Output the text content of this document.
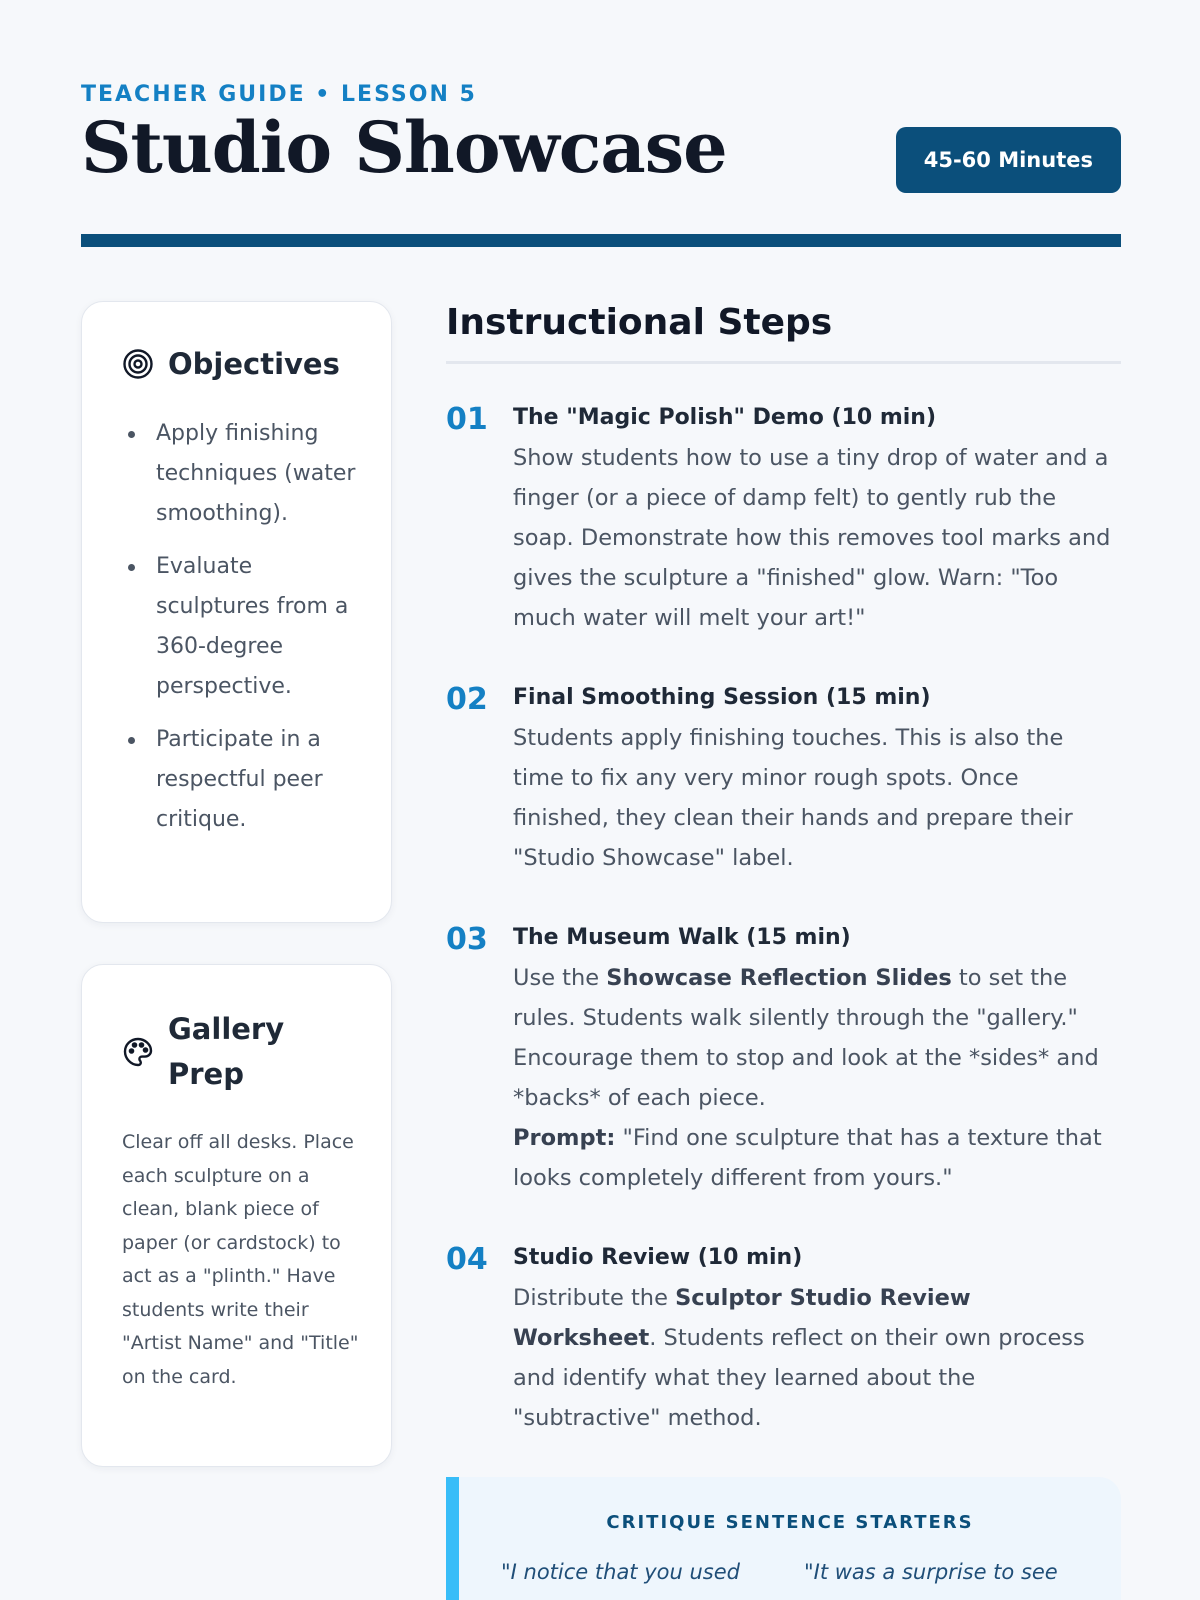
TEACHER GUIDE • LESSON 5
Studio Showcase	45-60 Minutes
Objectives
Apply finishing techniques (water smoothing).
Evaluate sculptures from a 360-degree perspective.
Participate in a respectful peer critique.
Gallery Prep

Clear off all desks. Place each sculpture on a clean, blank piece of paper (or cardstock) to act as a "plinth." Have students write their "Artist Name" and "Title" on the card.

Instructional Steps
01 The "Magic Polish" Demo (10 min)

Show students how to use a tiny drop of water and a finger (or a piece of damp felt) to gently rub the soap. Demonstrate how this removes tool marks and gives the sculpture a "finished" glow. Warn: "Too much water will melt your art!"

02 Final Smoothing Session (15 min)

Students apply finishing touches. This is also the time to fix any very minor rough spots. Once finished, they clean their hands and prepare their "Studio Showcase" label.

03 The Museum Walk (15 min)

Use the Showcase Reflection Slides to set the rules. Students walk silently through the "gallery." Encourage them to stop and look at the *sides* and *backs* of each piece.
Prompt: "Find one sculpture that has a texture that looks completely different from yours."

04 Studio Review (10 min)

Distribute the Sculptor Studio Review Worksheet. Students reflect on their own process and identify what they learned about the "subtractive" method.

CRITIQUE SENTENCE STARTERS
"I notice that you used	"It was a surprise to see
